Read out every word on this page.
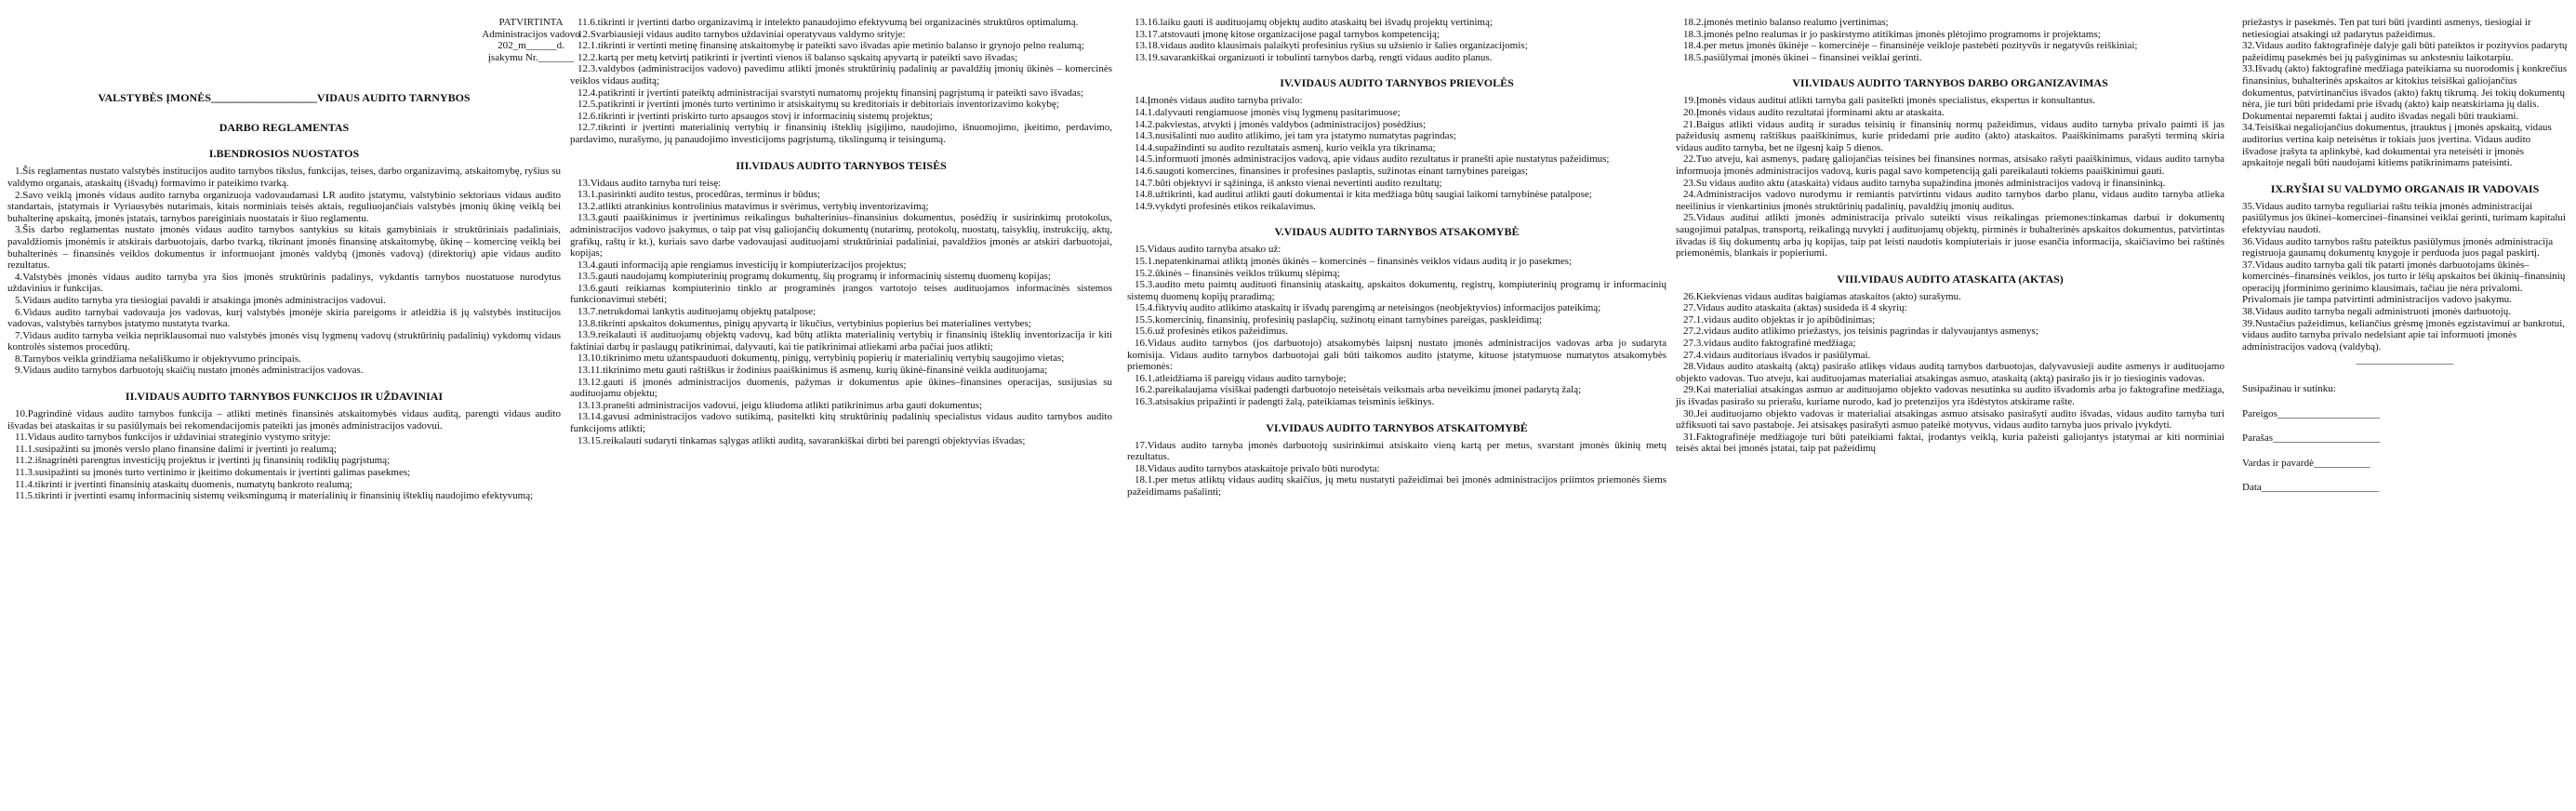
PATVIRTINTA
Administracijos vadovo
202_m______d.
įsakymu Nr._______
VALSTYBĖS ĮMONĖS___________________VIDAUS AUDITO TARNYBOS
DARBO REGLAMENTAS
I.BENDROSIOS NUOSTATOS
1.Šis reglamentas nustato valstybės institucijos audito tarnybos tikslus, funkcijas, teises, darbo organizavimą, atskaitomybę, ryšius su valdymo organais, ataskaitų (išvadų) formavimo ir pateikimo tvarką.
2.Savo veiklą įmonės vidaus audito tarnyba organizuoja vadovaudamasi LR audito įstatymu, valstybinio sektoriaus vidaus audito standartais, įstatymais ir Vyriausybės nutarimais, kitais norminiais teisės aktais, reguliuojančiais valstybės įmonių ūkinę veiklą bei buhalterinę apskaitą, įmonės įstatais, tarnybos pareiginiais nuostatais ir šiuo reglamentu.
3.Šis darbo reglamentas nustato įmonės vidaus audito tarnybos santykius su kitais gamybiniais ir struktūriniais padaliniais, pavaldžiomis įmonėmis ir atskirais darbuotojais, darbo tvarką, tikrinant įmonės finansinę atskaitomybę, ūkinę – komercinę veiklą bei buhalterinės – finansinės veiklos dokumentus ir informuojant įmonės valdybą (įmonės vadovą) (direktorių) apie vidaus audito rezultatus.
4.Valstybės įmonės vidaus audito tarnyba yra šios įmonės struktūrinis padalinys, vykdantis tarnybos nuostatuose nurodytus uždavinius ir funkcijas.
5.Vidaus audito tarnyba yra tiesiogiai pavaldi ir atsakinga įmonės administracijos vadovui.
6.Vidaus audito tarnybai vadovauja jos vadovas, kurį valstybės įmonėje skiria pareigoms ir atleidžia iš jų valstybės institucijos vadovas, valstybės tarnybos įstatymo nustatyta tvarka.
7.Vidaus audito tarnyba veikia nepriklausomai nuo valstybės įmonės visų lygmenų vadovų (struktūrinių padalinių) vykdomų vidaus kontrolės sistemos procedūrų.
8.Tarnybos veikla grindžiama nešališkumo ir objektyvumo principais.
9.Vidaus audito tarnybos darbuotojų skaičių nustato įmonės administracijos vadovas.
II.VIDAUS AUDITO TARNYBOS FUNKCIJOS IR UŽDAVINIAI
10.Pagrindinė vidaus audito tarnybos funkcija – atlikti metinės finansinės atskaitomybės vidaus auditą, parengti vidaus audito išvadas bei ataskaitas ir su pasiūlymais bei rekomendacijomis pateikti jas įmonės administracijos vadovui.
11.Vidaus audito tarnybos funkcijos ir uždaviniai strateginio vystymo srityje:
11.1.susipažinti su įmonės verslo plano finansine dalimi ir įvertinti jo realumą;
11.2.išnagrinėti parengtus investicijų projektus ir įvertinti jų finansinių rodiklių pagrįstumą;
11.3.susipažinti su įmonės turto vertinimo ir įkeitimo dokumentais ir įvertinti galimas pasekmes;
11.4.tikrinti ir įvertinti finansinių ataskaitų duomenis, numatytų bankroto realumą;
11.5.tikrinti ir įvertinti esamų informacinių sistemų veiksmingumą ir materialinių ir finansinių išteklių naudojimo efektyvumą;
11.6.tikrinti ir įvertinti darbo organizavimą ir intelekto panaudojimo efektyvumą bei organizacinės struktūros optimalumą.
12.Svarbiausieji vidaus audito tarnybos uždaviniai operatyvaus valdymo srityje:
12.1.tikrinti ir vertinti metinę finansinę atskaitomybę ir pateikti savo išvadas apie metinio balanso ir grynojo pelno realumą;
12.2.kartą per metų ketvirtį patikrinti ir įvertinti vienos iš balanso sąskaitų apyvartą ir pateikti savo išvadas;
12.3.valdybos (administracijos vadovo) pavedimu atlikti įmonės struktūrinių padalinių ar pavaldžių įmonių ūkinės – komercinės veiklos vidaus auditą;
12.4.patikrinti ir įvertinti pateiktų administracijai svarstyti numatomų projektų finansinį pagrįstumą ir pateikti savo išvadas;
12.5.patikrinti ir įvertinti įmonės turto vertinimo ir atsiskaitymų su kreditoriais ir debitoriais inventorizavimo kokybę;
12.6.tikrinti ir įvertinti priskirto turto apsaugos stovį ir informacinių sistemų projektus;
12.7.tikrinti ir įvertinti materialinių vertybių ir finansinių išteklių įsigijimo, naudojimo, išnuomojimo, įkeitimo, perdavimo, pardavimo, nurašymo, jų panaudojimo investicijoms pagrįstumą, tikslingumą ir teisingumą.
III.VIDAUS AUDITO TARNYBOS TEISĖS
13.Vidaus audito tarnyba turi teisę:
13.1.pasirinkti audito testus, procedūras, terminus ir būdus;
13.2.atlikti atrankinius kontrolinius matavimus ir svėrimus, vertybių inventorizavimą;
13.3.gauti paaiškinimus ir įvertinimus reikalingus buhalterinius–finansinius dokumentus, posėdžių ir susirinkimų protokolus, administracijos vadovo įsakymus, o taip pat visų galiojančių dokumentų (nutarimų, protokolų, nuostatų, taisyklių, instrukcijų, aktų, grafikų, raštų ir kt.), kuriais savo darbe vadovaujasi audituojami struktūriniai padaliniai, pavaldžios įmonės ar atskiri darbuotojai, kopijas;
13.4.gauti informaciją apie rengiamus investicijų ir kompiuterizacijos projektus;
13.5.gauti naudojamų kompiuterinių programų dokumentų, šių programų ir informacinių sistemų duomenų kopijas;
13.6.gauti reikiamas kompiuterinio tinklo ar programinės įrangos vartotojo teises audituojamos informacinės sistemos funkcionavimui stebėti;
13.7.netrukdomai lankytis audituojamų objektų patalpose;
13.8.tikrinti apskaitos dokumentus, pinigų apyvartą ir likučius, vertybinius popierius bei materialines vertybes;
13.9.reikalauti iš audituojamų objektų vadovų, kad būtų atlikta materialinių vertybių ir finansinių išteklių inventorizacija ir kiti faktiniai darbų ir paslaugų patikrinimai, dalyvauti, kai tie patikrinimai atliekami arba pačiai juos atlikti;
13.10.tikrinimo metu užantspauduoti dokumentų, pinigų, vertybinių popierių ir materialinių vertybių saugojimo vietas;
13.11.tikrinimo metu gauti raštiškus ir žodinius paaiškinimus iš asmenų, kurių ūkinė-finansinė veikla audituojama;
13.12.gauti iš įmonės administracijos duomenis, pažymas ir dokumentus apie ūkines–finansines operacijas, susijusias su audituojamu objektu;
13.13.pranešti administracijos vadovui, jeigu kliudoma atlikti patikrinimus arba gauti dokumentus;
13.14.gavusi administracijos vadovo sutikimą, pasitelkti kitų struktūrinių padalinių specialistus vidaus audito tarnybos audito funkcijoms atlikti;
13.15.reikalauti sudaryti tinkamas sąlygas atlikti auditą, savarankiškai dirbti bei parengti objektyvias išvadas;
13.16.laiku gauti iš audituojamų objektų audito ataskaitų bei išvadų projektų vertinimą;
13.17.atstovauti įmonę kitose organizacijose pagal tarnybos kompetenciją;
13.18.vidaus audito klausimais palaikyti profesinius ryšius su užsienio ir šalies organizacijomis;
13.19.savarankiškai organizuoti ir tobulinti tarnybos darbą, rengti vidaus audito planus.
IV.VIDAUS AUDITO TARNYBOS PRIEVOLĖS
14.Įmonės vidaus audito tarnyba privalo:
14.1.dalyvauti rengiamuose įmonės visų lygmenų pasitarimuose;
14.2.pakviestas, atvykti į įmonės valdybos (administracijos) posėdžius;
14.3.nusišalinti nuo audito atlikimo, jei tam yra įstatymo numatytas pagrindas;
14.4.supažindinti su audito rezultatais asmenį, kurio veikla yra tikrinama;
14.5.informuoti įmonės administracijos vadovą, apie vidaus audito rezultatus ir pranešti apie nustatytus pažeidimus;
14.6.saugoti komercines, finansines ir profesines paslaptis, sužinotas einant tarnybines pareigas;
14.7.būti objektyvi ir sąžininga, iš anksto vienai nevertinti audito rezultatų;
14.8.užtikrinti, kad auditui atlikti gauti dokumentai ir kita medžiaga būtų saugiai laikomi tarnybinėse patalpose;
14.9.vykdyti profesinės etikos reikalavimus.
V.VIDAUS AUDITO TARNYBOS ATSAKOMYBĖ
15.Vidaus audito tarnyba atsako už:
15.1.nepatenkinamai atliktą įmonės ūkinės – komercinės – finansinės veiklos vidaus auditą ir jo pasekmes;
15.2.ūkinės – finansinės veiklos trūkumų slėpimą;
15.3.audito metu paimtų audituoti finansinių ataskaitų, apskaitos dokumentų, registrų, kompiuterinių programų ir informacinių sistemų duomenų kopijų praradimą;
15.4.fiktyvių audito atlikimo ataskaitų ir išvadų parengimą ar neteisingos (neobjektyvios) informacijos pateikimą;
15.5.komercinių, finansinių, profesinių paslapčių, sužinotų einant tarnybines pareigas, paskleidimą;
15.6.už profesinės etikos pažeidimus.
16.Vidaus audito tarnybos (jos darbuotojo) atsakomybės laipsnį nustato įmonės administracijos vadovas arba jo sudaryta komisija. Vidaus audito tarnybos darbuotojai gali būti taikomos audito įstatyme, kituose įstatymuose numatytos atsakomybės priemonės:
16.1.atleidžiama iš pareigų vidaus audito tarnyboje;
16.2.pareikalaujama visiškai padengti darbuotojo neteisėtais veiksmais arba neveikimu įmonei padarytą žalą;
16.3.atsisakius pripažinti ir padengti žalą, pateikiamas teisminis ieškinys.
VI.VIDAUS AUDITO TARNYBOS ATSKAITOMYBĖ
17.Vidaus audito tarnyba įmonės darbuotojų susirinkimui atsiskaito vieną kartą per metus, svarstant įmonės ūkinių metų rezultatus.
18.Vidaus audito tarnybos ataskaitoje privalo būti nurodyta:
18.1.per metus atliktų vidaus auditų skaičius, jų metu nustatyti pažeidimai bei įmonės administracijos priimtos priemonės šiems pažeidimams pašalinti;
18.2.įmonės metinio balanso realumo įvertinimas;
18.3.įmonės pelno realumas ir jo paskirstymo atitikimas įmonės plėtojimo programoms ir projektams;
18.4.per metus įmonės ūkinėje – komercinėje – finansinėje veikloje pastebėti pozityvūs ir negatyvūs reiškiniai;
18.5.pasiūlymai įmonės ūkinei – finansinei veiklai gerinti.
VII.VIDAUS AUDITO TARNYBOS DARBO ORGANIZAVIMAS
19.Įmonės vidaus auditui atlikti tarnyba gali pasitelkti įmonės specialistus, ekspertus ir konsultantus.
20.Įmonės vidaus audito rezultatai įforminami aktu ar ataskaita.
21.Baigus atlikti vidaus auditą ir suradus teisinių ir finansinių normų pažeidimus, vidaus audito tarnyba privalo paimti iš jas pažeidusių asmenų raštiškus paaiškinimus, kurie pridedami prie audito (akto) ataskaitos. Paaiškinimams parašyti terminą skiria vidaus audito tarnyba, bet ne ilgesnį kaip 5 dienos.
22.Tuo atveju, kai asmenys, padarę galiojančias teisines bei finansines normas, atsisako rašyti paaiškinimus, vidaus audito tarnyba informuoja įmonės administracijos vadovą, kuris pagal savo kompetenciją gali pareikalauti tokiems paaiškinimui gauti.
23.Su vidaus audito aktu (ataskaita) vidaus audito tarnyba supažindina įmonės administracijos vadovą ir finansininką.
24.Administracijos vadovo nurodymu ir remiantis patvirtintu vidaus audito tarnybos darbo planu, vidaus audito tarnyba atlieka neeilinius ir vienkartinius įmonės struktūrinių padalinių, pavaldžių įmonių auditus.
25.Vidaus auditui atlikti įmonės administracija privalo suteikti visus reikalingas priemones:tinkamas darbui ir dokumentų saugojimui patalpas, transportą, reikalingą nuvykti į audituojamų objektų, pirminės ir buhalterinės apskaitos dokumentus, patvirtintas išvadas iš šių dokumentų arba jų kopijas, taip pat leisti naudotis kompiuteriais ir juose esančia informacija, skaičiavimo bei raštinės priemonėmis, blankais ir popieriumi.
VIII.VIDAUS AUDITO ATASKAITA (AKTAS)
26.Kiekvienas vidaus auditas baigiamas ataskaitos (akto) surašymu.
27.Vidaus audito ataskaita (aktas) susideda iš 4 skyrių:
27.1.vidaus audito objektas ir jo apibūdinimas;
27.2.vidaus audito atlikimo priežastys, jos teisinis pagrindas ir dalyvaujantys asmenys;
27.3.vidaus audito faktografinė medžiaga;
27.4.vidaus auditoriaus išvados ir pasiūlymai.
28.Vidaus audito ataskaitą (aktą) pasirašo atlikęs vidaus auditą tarnybos darbuotojas, dalyvavusieji audite asmenys ir audituojamo objekto vadovas. Tuo atveju, kai audituojamas materialiai atsakingas asmuo, ataskaitą (aktą) pasirašo jis ir jo tiesioginis vadovas.
29.Kai materialiai atsakingas asmuo ar audituojamo objekto vadovas nesutinka su audito išvadomis arba jo faktografine medžiaga, jis išvadas pasirašo su prierašu, kuriame nurodo, kad jo pretenzijos yra išdėstytos atskirame rašte.
30.Jei audituojamo objekto vadovas ir materialiai atsakingas asmuo atsisako pasirašyti audito išvadas, vidaus audito tarnyba turi užfiksuoti tai savo pastaboje. Jei atsisakęs pasirašyti asmuo pateikė motyvus, vidaus audito tarnyba juos privalo įvykdyti.
31.Faktografinėje medžiagoje turi būti pateikiami faktai, įrodantys veiklą, kuria pažeisti galiojantys įstatymai ar kiti norminiai teisės aktai bei įmonės įstatai, taip pat pažeidimų
priežastys ir pasekmės. Ten pat turi būti įvardinti asmenys, tiesiogiai ir netiesiogiai atsakingi už padarytus pažeidimus.
32.Vidaus audito faktografinėje dalyje gali būti pateiktos ir pozityvios padarytų pažeidimų pasekmės bei jų pašyginimas su ankstesniu laikotarpiu.
33.Išvadų (akto) faktografinė medžiaga pateikiama su nuorodomis į konkrečius finansinius, buhalterinės apskaitos ar kitokius teisiškai galiojančius dokumentus, patvirtinančius išvados (akto) faktų tikrumą. Jei tokių dokumentų nėra, jie turi būti pridedami prie išvadų (akto) kaip neatskiriama jų dalis. Dokumentai neparemti faktai į audito išvadas negali būti traukiami.
34.Teisiškai negaliojančius dokumentus, įtrauktus į įmonės apskaitą, vidaus auditorius vertina kaip neteisėtus ir tokiais juos įvertina. Vidaus audito išvadose įrašyta ta aplinkybė, kad dokumentai yra neteisėti ir įmonės apskaitoje negali būti naudojami kitiems patikrinimams pateisinti.
IX.RYŠIAI SU VALDYMO ORGANAIS IR VADOVAIS
35.Vidaus audito tarnyba reguliariai raštu teikia įmonės administracijai pasiūlymus jos ūkinei–komercinei–finansinei veiklai gerinti, turimam kapitalui efektyviau naudoti.
36.Vidaus audito tarnybos raštu pateiktus pasiūlymus įmonės administracija registruoja gaunamų dokumentų knygoje ir perduoda juos pagal paskirtį.
37.Vidaus audito tarnyba gali tik patarti įmonės darbuotojams ūkinės–komercinės–finansinės veiklos, jos turto ir lėšų apskaitos bei ūkinių–finansinių operacijų įforminimo gerinimo klausimais, tačiau jie nėra privalomi. Privalomais jie tampa patvirtinti administracijos vadovo įsakymu.
38.Vidaus audito tarnyba negali administruoti įmonės darbuotojų.
39.Nustačius pažeidimus, keliančius grėsmę įmonės egzistavimui ar bankrotui, vidaus audito tarnyba privalo nedelsiant apie tai informuoti įmonės administracijos vadovą (valdybą).
___________________
Susipažinau ir sutinku:
Pareigos____________________
Parašas_____________________
Vardas ir pavardė___________
Data_______________________
